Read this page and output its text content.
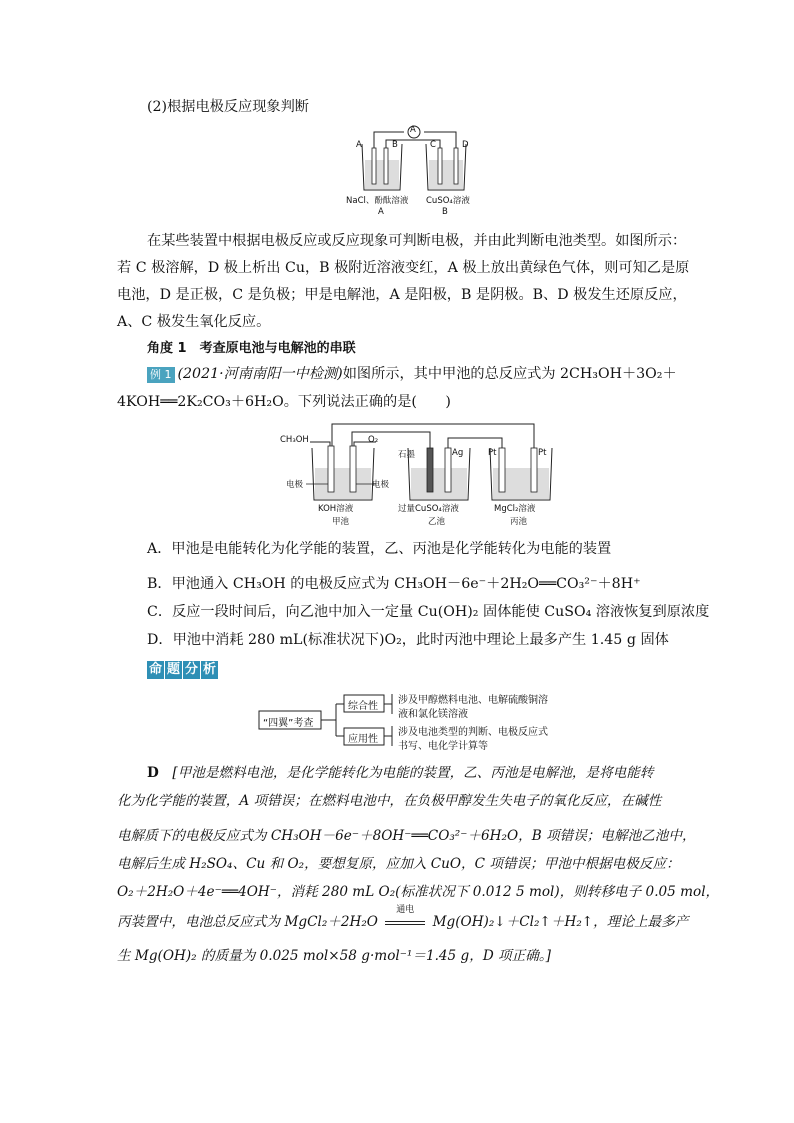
(2)根据电极反应现象判断
A
A	B	C	D
NaCl、酚酞溶液
A
CuSO₄溶液
B
在某些装置中根据电极反应或反应现象可判断电极，并由此判断电池类型。如图所示：
若 C 极溶解，D 极上析出 Cu，B 极附近溶液变红，A 极上放出黄绿色气体，则可知乙是原
电池，D 是正极，C 是负极；甲是电解池，A 是阳极，B 是阴极。B、D 极发生还原反应，
A、C 极发生氧化反应。
角度 1　考查原电池与电解池的串联
例 1 (2021·河南南阳一中检测)如图所示，其中甲池的总反应式为 2CH₃OH＋3O₂＋
4KOH══2K₂CO₃＋6H₂O。下列说法正确的是(　　)
CH₃OH	O₂
电极	电极
KOH溶液
甲池
石墨	Ag
过量CuSO₄溶液
乙池
Pt	Pt
MgCl₂溶液
丙池
A．甲池是电能转化为化学能的装置，乙、丙池是化学能转化为电能的装置
B．甲池通入 CH₃OH 的电极反应式为 CH₃OH－6e⁻＋2H₂O══CO₃²⁻＋8H⁺
C．反应一段时间后，向乙池中加入一定量 Cu(OH)₂ 固体能使 CuSO₄ 溶液恢复到原浓度
D．甲池中消耗 280 mL(标准状况下)O₂，此时丙池中理论上最多产生 1.45 g 固体
命 题 分 析
“四翼”考查
综合性
涉及甲醇燃料电池、电解硫酸铜溶
液和氯化镁溶液
应用性
涉及电池类型的判断、电极反应式
书写、电化学计算等
D　 [甲池是燃料电池，是化学能转化为电能的装置，乙、丙池是电解池，是将电能转
化为化学能的装置，A 项错误；在燃料电池中，在负极甲醇发生失电子的氧化反应，在碱性
电解质下的电极反应式为 CH₃OH－6e⁻＋8OH⁻══CO₃²⁻＋6H₂O，B 项错误；电解池乙池中，
电解后生成 H₂SO₄、Cu 和 O₂，要想复原，应加入 CuO，C 项错误；甲池中根据电极反应：
O₂＋2H₂O＋4e⁻══4OH⁻，消耗 280 mL O₂(标准状况下 0.012 5 mol)，则转移电子 0.05 mol，
丙装置中，电池总反应式为 MgCl₂＋2H₂O
通电
Mg(OH)₂↓＋Cl₂↑＋H₂↑，理论上最多产
生 Mg(OH)₂ 的质量为 0.025 mol×58 g·mol⁻¹＝1.45 g，D 项正确。]
